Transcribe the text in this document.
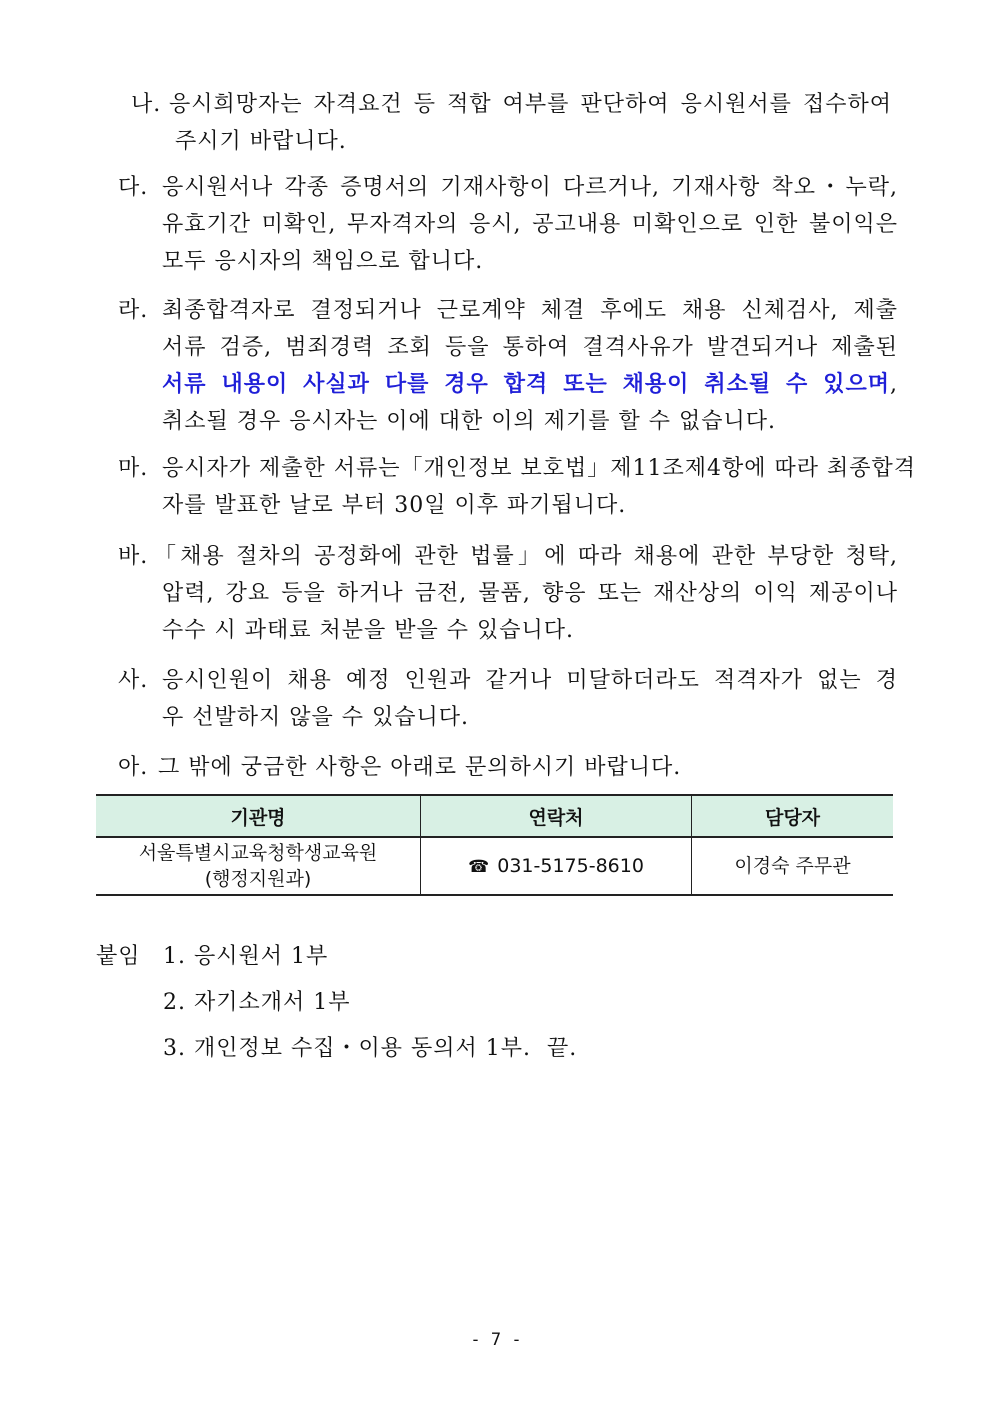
나. 응시희망자는 자격요건 등 적합 여부를 판단하여 응시원서를 접수하여
주시기 바랍니다.
다. 응시원서나 각종 증명서의 기재사항이 다르거나, 기재사항 착오・누락,
유효기간 미확인, 무자격자의 응시, 공고내용 미확인으로 인한 불이익은
모두 응시자의 책임으로 합니다.
라. 최종합격자로 결정되거나 근로계약 체결 후에도 채용 신체검사, 제출
서류 검증, 범죄경력 조회 등을 통하여 결격사유가 발견되거나 제출된
서류 내용이 사실과 다를 경우 합격 또는 채용이 취소될 수 있으며,
취소될 경우 응시자는 이에 대한 이의 제기를 할 수 없습니다.
마. 응시자가 제출한 서류는「개인정보 보호법」제11조제4항에 따라 최종합격
자를 발표한 날로 부터 30일 이후 파기됩니다.
바. 「채용 절차의 공정화에 관한 법률」에 따라 채용에 관한 부당한 청탁,
압력, 강요 등을 하거나 금전, 물품, 향응 또는 재산상의 이익 제공이나
수수 시 과태료 처분을 받을 수 있습니다.
사. 응시인원이 채용 예정 인원과 같거나 미달하더라도 적격자가 없는 경
우 선발하지 않을 수 있습니다.
아. 그 밖에 궁금한 사항은 아래로 문의하시기 바랍니다.
기관명	연락처	담당자

서울특별시교육청학생교육원
(행정지원과)	☎ 031-5175-8610	이경숙 주무관
붙임 1. 응시원서 1부
2. 자기소개서 1부
3. 개인정보 수집・이용 동의서 1부.  끝.
- 7 -
